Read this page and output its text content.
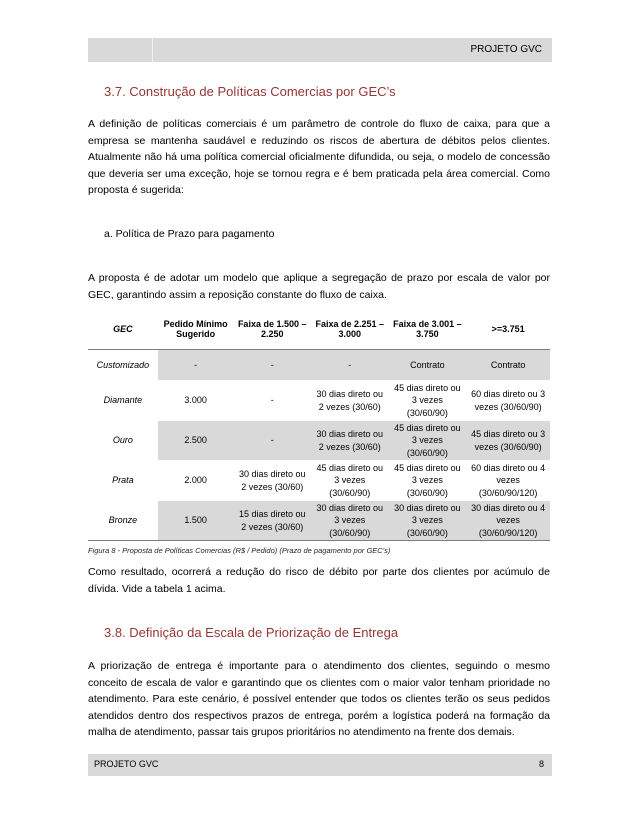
PROJETO GVC
3.7. Construção de Políticas Comercias por GEC’s

A definição de políticas comerciais é um parâmetro de controle do fluxo de caixa, para que a empresa se mantenha saudável e reduzindo os riscos de abertura de débitos pelos clientes. Atualmente não há uma política comercial oficialmente difundida, ou seja, o modelo de concessão que deveria ser uma exceção, hoje se tornou regra e é bem praticada pela área comercial. Como proposta é sugerida:

a. Política de Prazo para pagamento

A proposta é de adotar um modelo que aplique a segregação de prazo por escala de valor por GEC, garantindo assim a reposição constante do fluxo de caixa.

GEC	Pedido Mínimo Sugerido	Faixa de 1.500 – 2.250	Faixa de 2.251 – 3.000	Faixa de 3.001 – 3.750	>=3.751
Customizado	-	-	-	Contrato	Contrato
Diamante	3.000	-	30 dias direto ou 2 vezes (30/60)	45 dias direto ou 3 vezes (30/60/90)	60 dias direto ou 3 vezes (30/60/90)
Ouro	2.500	-	30 dias direto ou 2 vezes (30/60)	45 dias direto ou 3 vezes (30/60/90)	45 dias direto ou 3 vezes (30/60/90)
Prata	2.000	30 dias direto ou 2 vezes (30/60)	45 dias direto ou 3 vezes (30/60/90)	45 dias direto ou 3 vezes (30/60/90)	60 dias direto ou 4 vezes (30/60/90/120)
Bronze	1.500	15 dias direto ou 2 vezes (30/60)	30 dias direto ou 3 vezes (30/60/90)	30 dias direto ou 3 vezes (30/60/90)	30 dias direto ou 4 vezes (30/60/90/120)
Figura 8 - Proposta de Políticas Comercias (R$ / Pedido) (Prazo de pagamento por GEC's)

Como resultado, ocorrerá a redução do risco de débito por parte dos clientes por acúmulo de dívida. Vide a tabela 1 acima.

3.8. Definição da Escala de Priorização de Entrega

A priorização de entrega é importante para o atendimento dos clientes, seguindo o mesmo conceito de escala de valor e garantindo que os clientes com o maior valor tenham prioridade no atendimento. Para este cenário, é possível entender que todos os clientes terão os seus pedidos atendidos dentro dos respectivos prazos de entrega, porém a logística poderá na formação da malha de atendimento, passar tais grupos prioritários no atendimento na frente dos demais.

PROJETO GVC	8
